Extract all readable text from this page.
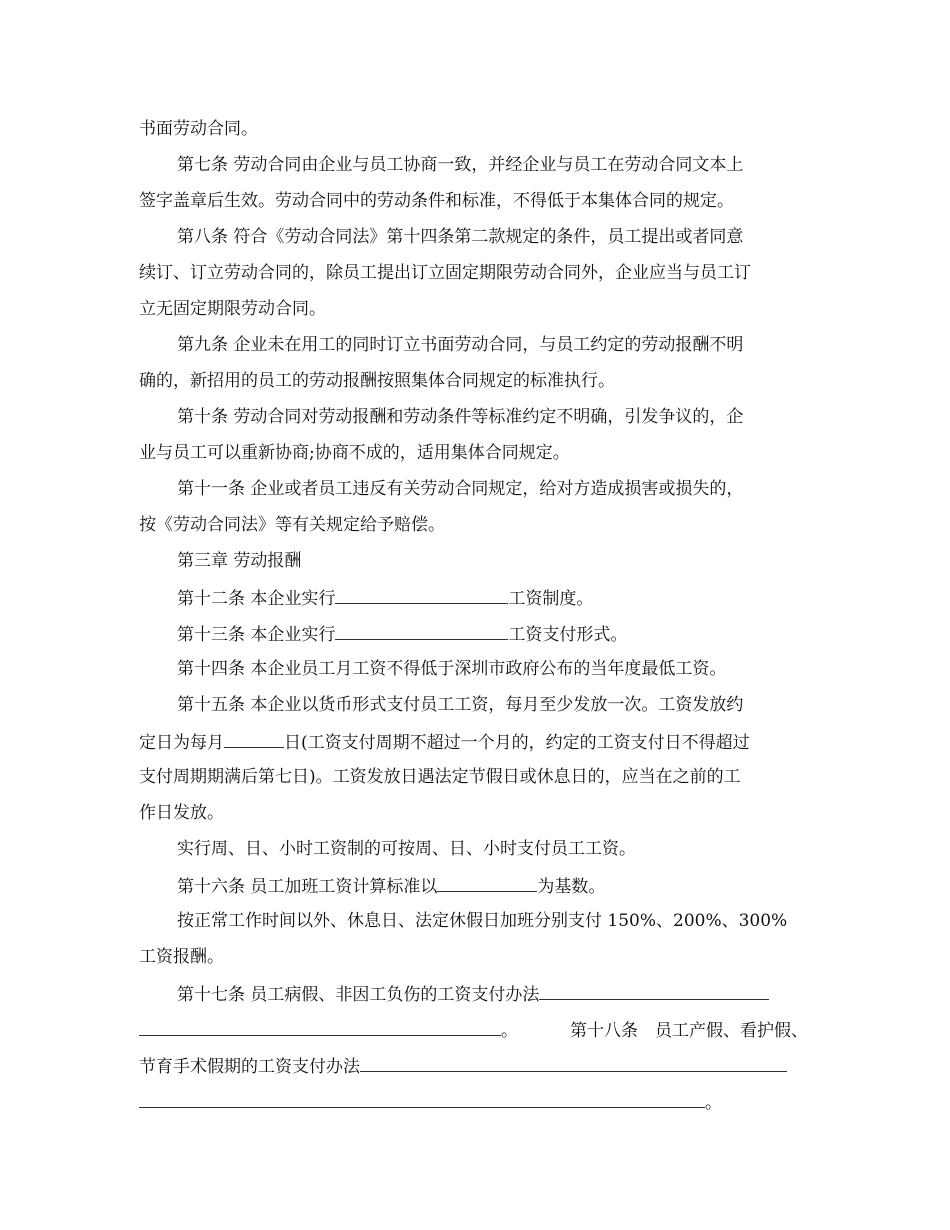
书面劳动合同。
第七条 劳动合同由企业与员工协商一致，并经企业与员工在劳动合同文本上
签字盖章后生效。劳动合同中的劳动条件和标准，不得低于本集体合同的规定。
第八条 符合《劳动合同法》第十四条第二款规定的条件，员工提出或者同意
续订、订立劳动合同的，除员工提出订立固定期限劳动合同外，企业应当与员工订
立无固定期限劳动合同。
第九条 企业未在用工的同时订立书面劳动合同，与员工约定的劳动报酬不明
确的，新招用的员工的劳动报酬按照集体合同规定的标准执行。
第十条 劳动合同对劳动报酬和劳动条件等标准约定不明确，引发争议的，企
业与员工可以重新协商;协商不成的，适用集体合同规定。
第十一条 企业或者员工违反有关劳动合同规定，给对方造成损害或损失的，
按《劳动合同法》等有关规定给予赔偿。
第三章 劳动报酬
第十二条 本企业实行	工资制度。
第十三条 本企业实行	工资支付形式。
第十四条 本企业员工月工资不得低于深圳市政府公布的当年度最低工资。
第十五条 本企业以货币形式支付员工工资，每月至少发放一次。工资发放约
定日为每月	日(工资支付周期不超过一个月的，约定的工资支付日不得超过
支付周期期满后第七日)。工资发放日遇法定节假日或休息日的，应当在之前的工
作日发放。
实行周、日、小时工资制的可按周、日、小时支付员工工资。
第十六条 员工加班工资计算标准以	为基数。
按正常工作时间以外、休息日、法定休假日加班分别支付 150%、200%、300%
工资报酬。
第十七条 员工病假、非因工负伤的工资支付办法
。	第十八条　员工产假、看护假、
节育手术假期的工资支付办法
。
